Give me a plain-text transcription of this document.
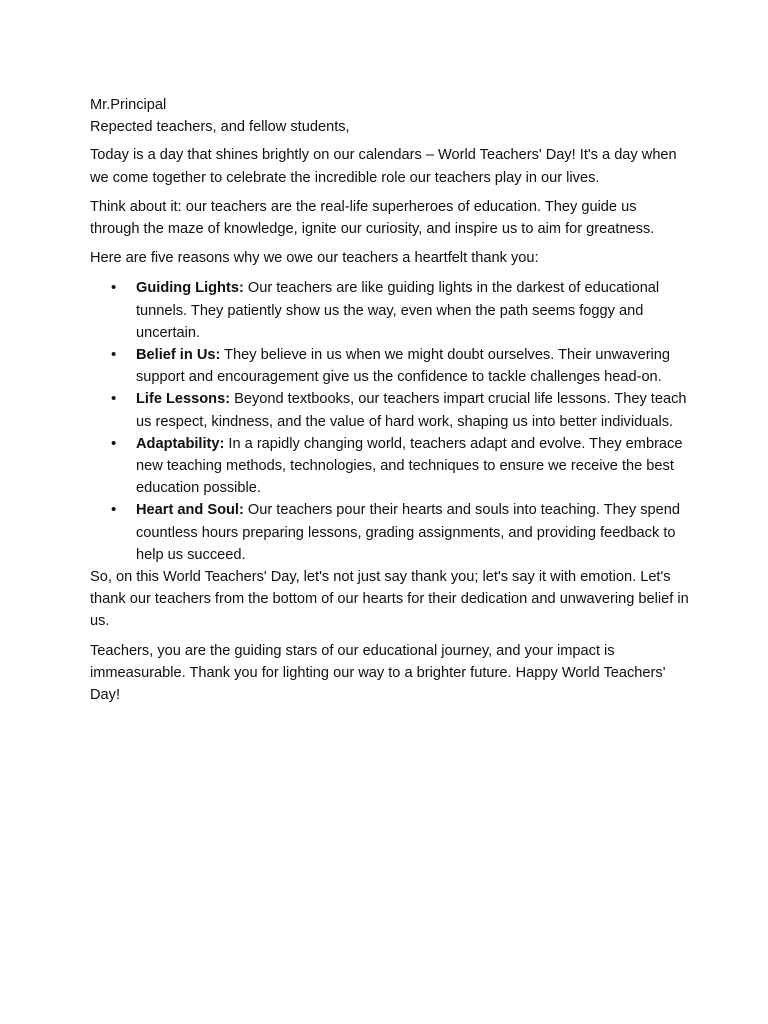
Mr.Principal

Repected teachers, and fellow students,

Today is a day that shines brightly on our calendars – World Teachers' Day! It's a day when we come together to celebrate the incredible role our teachers play in our lives.

Think about it: our teachers are the real-life superheroes of education. They guide us through the maze of knowledge, ignite our curiosity, and inspire us to aim for greatness.

Here are five reasons why we owe our teachers a heartfelt thank you:

• Guiding Lights: Our teachers are like guiding lights in the darkest of educational tunnels. They patiently show us the way, even when the path seems foggy and uncertain.
• Belief in Us: They believe in us when we might doubt ourselves. Their unwavering support and encouragement give us the confidence to tackle challenges head-on.
• Life Lessons: Beyond textbooks, our teachers impart crucial life lessons. They teach us respect, kindness, and the value of hard work, shaping us into better individuals.
• Adaptability: In a rapidly changing world, teachers adapt and evolve. They embrace new teaching methods, technologies, and techniques to ensure we receive the best education possible.
• Heart and Soul: Our teachers pour their hearts and souls into teaching. They spend countless hours preparing lessons, grading assignments, and providing feedback to help us succeed.

So, on this World Teachers' Day, let's not just say thank you; let's say it with emotion. Let's thank our teachers from the bottom of our hearts for their dedication and unwavering belief in us.

Teachers, you are the guiding stars of our educational journey, and your impact is immeasurable. Thank you for lighting our way to a brighter future. Happy World Teachers' Day!
